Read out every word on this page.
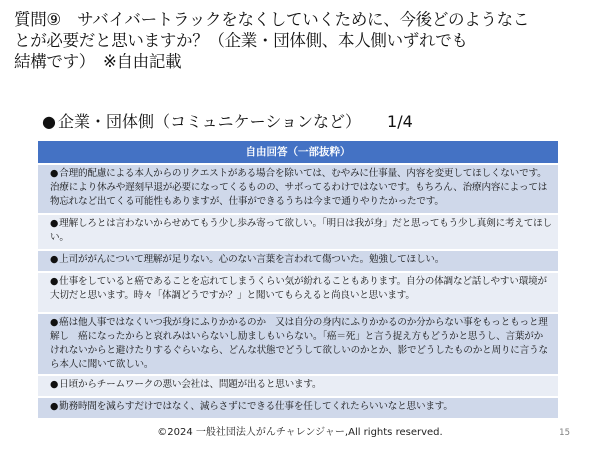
質問⑨　サバイバートラックをなくしていくために、今後どのようなこ
とが必要だと思いますか？（企業・団体側、本人側いずれでも
結構です）　※自由記載
● 企業・団体側（コミュニケーションなど） 1/4
自由回答（一部抜粋）
●合理的配慮による本人からのリクエストがある場合を除いては、むやみに仕事量、内容を変更してほしくないです。治療により休みや遅刻早退が必要になってくるものの、サボってるわけではないです。もちろん、治療内容によっては物忘れなど出てくる可能性もありますが、仕事ができるうちは今まで通りやりたかったです。
●理解しろとは言わないからせめてもう少し歩み寄って欲しい。「明日は我が身」だと思ってもう少し真剣に考えてほしい。
●上司ががんについて理解が足りない。心のない言葉を言われて傷ついた。勉強してほしい。
●仕事をしていると癌であることを忘れてしまうくらい気が紛れることもあります。自分の体調など話しやすい環境が大切だと思います。時々「体調どうですか？」と聞いてもらえると尚良いと思います。
●癌は他人事ではなくいつ我が身にふりかかるのか　又は自分の身内にふりかかるのか分からない事をもっともっと理解し　癌になったからと哀れみはいらないし励ましもいらない。「癌＝死」と言う捉え方もどうかと思うし、言葉がかけれないからと避けたりするぐらいなら、どんな状態でどうして欲しいのかとか、影でどうしたものかと周りに言うなら本人に聞いて欲しい。
●日頃からチームワークの悪い会社は、問題が出ると思います。
●勤務時間を減らすだけではなく、減らさずにできる仕事を任してくれたらいいなと思います。
©2024 一般社団法人がんチャレンジャー,All rights reserved.	15
